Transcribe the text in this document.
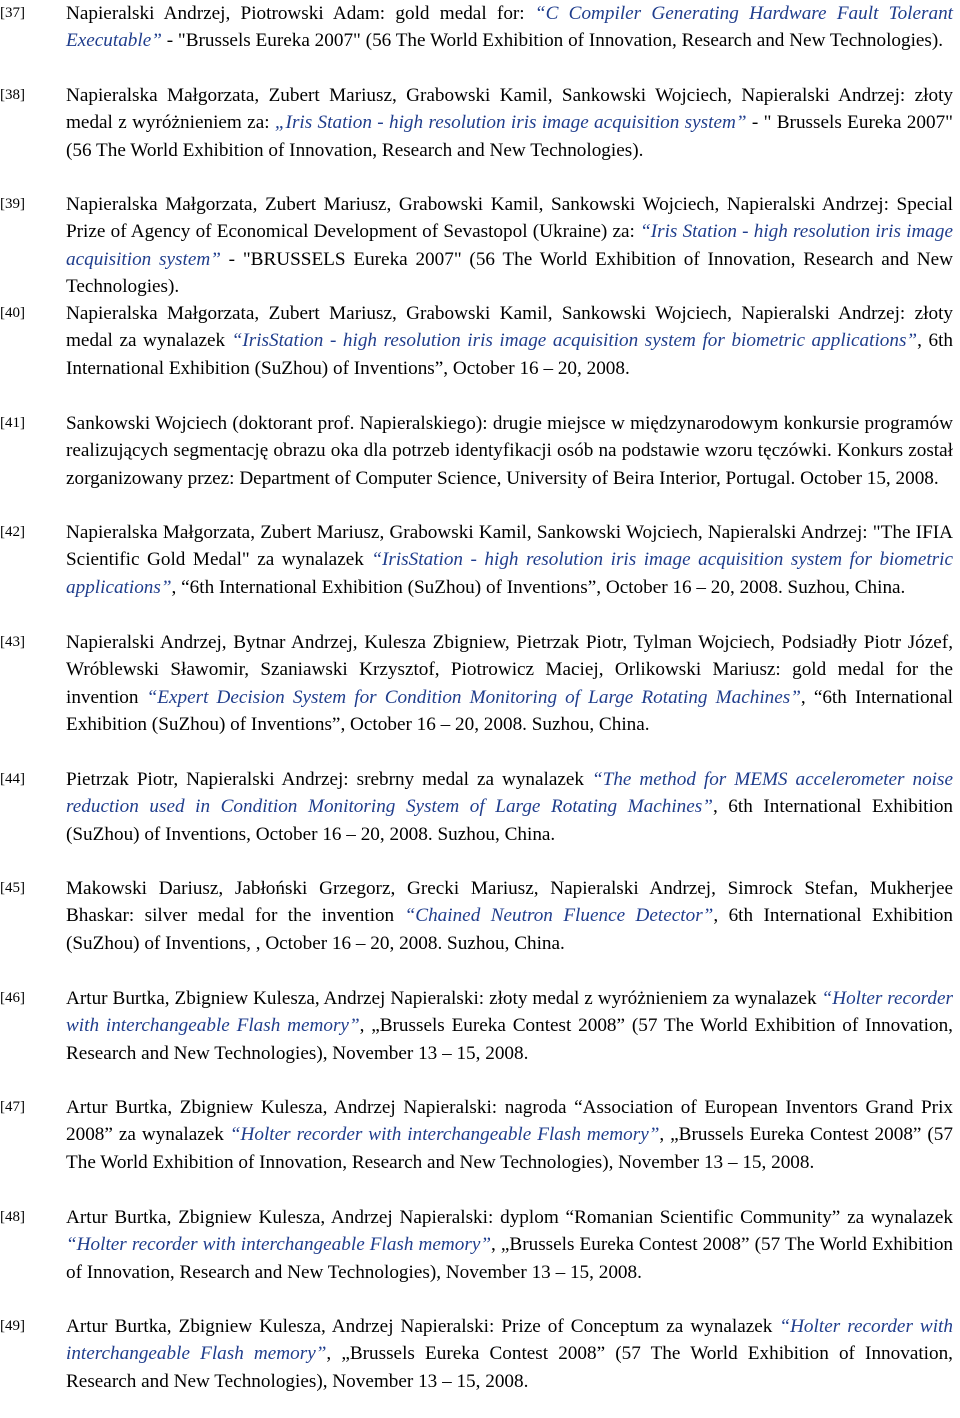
[37]	Napieralski Andrzej, Piotrowski Adam: gold medal for: “C Compiler Generating Hardware Fault Tolerant Executable” - "Brussels Eureka 2007" (56 The World Exhibition of Innovation, Research and New Technologies).
[38]	Napieralska Małgorzata, Zubert Mariusz, Grabowski Kamil, Sankowski Wojciech, Napieralski Andrzej: złoty medal z wyróżnieniem za: „Iris Station - high resolution iris image acquisition system” - " Brussels Eureka 2007" (56 The World Exhibition of Innovation, Research and New Technologies).
[39]	Napieralska Małgorzata, Zubert Mariusz, Grabowski Kamil, Sankowski Wojciech, Napieralski Andrzej: Special Prize of Agency of Economical Development of Sevastopol (Ukraine) za: “Iris Station - high resolution iris image acquisition system” - "BRUSSELS Eureka 2007" (56 The World Exhibition of Innovation, Research and New Technologies).
[40]	Napieralska Małgorzata, Zubert Mariusz, Grabowski Kamil, Sankowski Wojciech, Napieralski Andrzej: złoty medal za wynalazek “IrisStation - high resolution iris image acquisition system for biometric applications”, 6th International Exhibition (SuZhou) of Inventions”, October 16 – 20, 2008.
[41]	Sankowski Wojciech (doktorant prof. Napieralskiego): drugie miejsce w międzynarodowym konkursie programów realizujących segmentację obrazu oka dla potrzeb identyfikacji osób na podstawie wzoru tęczówki. Konkurs został zorganizowany przez: Department of Computer Science, University of Beira Interior, Portugal. October 15, 2008.
[42]	Napieralska Małgorzata, Zubert Mariusz, Grabowski Kamil, Sankowski Wojciech, Napieralski Andrzej: "The IFIA Scientific Gold Medal" za wynalazek “IrisStation - high resolution iris image acquisition system for biometric applications”, “6th International Exhibition (SuZhou) of Inventions”, October 16 – 20, 2008. Suzhou, China.
[43]	Napieralski Andrzej, Bytnar Andrzej, Kulesza Zbigniew, Pietrzak Piotr, Tylman Wojciech, Podsiadły Piotr Józef, Wróblewski Sławomir, Szaniawski Krzysztof, Piotrowicz Maciej, Orlikowski Mariusz: gold medal for the invention “Expert Decision System for Condition Monitoring of Large Rotating Machines”, “6th International Exhibition (SuZhou) of Inventions”, October 16 – 20, 2008. Suzhou, China.
[44]	Pietrzak Piotr, Napieralski Andrzej: srebrny medal za wynalazek “The method for MEMS accelerometer noise reduction used in Condition Monitoring System of Large Rotating Machines”, 6th International Exhibition (SuZhou) of Inventions, October 16 – 20, 2008. Suzhou, China.
[45]	Makowski Dariusz, Jabłoński Grzegorz, Grecki Mariusz, Napieralski Andrzej, Simrock Stefan, Mukherjee Bhaskar: silver medal for the invention “Chained Neutron Fluence Detector”, 6th International Exhibition (SuZhou) of Inventions, , October 16 – 20, 2008. Suzhou, China.
[46]	Artur Burtka, Zbigniew Kulesza, Andrzej Napieralski: złoty medal z wyróżnieniem za wynalazek “Holter recorder with interchangeable Flash memory”, „Brussels Eureka Contest 2008” (57 The World Exhibition of Innovation, Research and New Technologies), November 13 – 15, 2008.
[47]	Artur Burtka, Zbigniew Kulesza, Andrzej Napieralski: nagroda “Association of European Inventors Grand Prix 2008” za wynalazek “Holter recorder with interchangeable Flash memory”, „Brussels Eureka Contest 2008” (57 The World Exhibition of Innovation, Research and New Technologies), November 13 – 15, 2008.
[48]	Artur Burtka, Zbigniew Kulesza, Andrzej Napieralski: dyplom “Romanian Scientific Community” za wynalazek “Holter recorder with interchangeable Flash memory”, „Brussels Eureka Contest 2008” (57 The World Exhibition of Innovation, Research and New Technologies), November 13 – 15, 2008.
[49]	Artur Burtka, Zbigniew Kulesza, Andrzej Napieralski: Prize of Conceptum za wynalazek “Holter recorder with interchangeable Flash memory”, „Brussels Eureka Contest 2008” (57 The World Exhibition of Innovation, Research and New Technologies), November 13 – 15, 2008.
